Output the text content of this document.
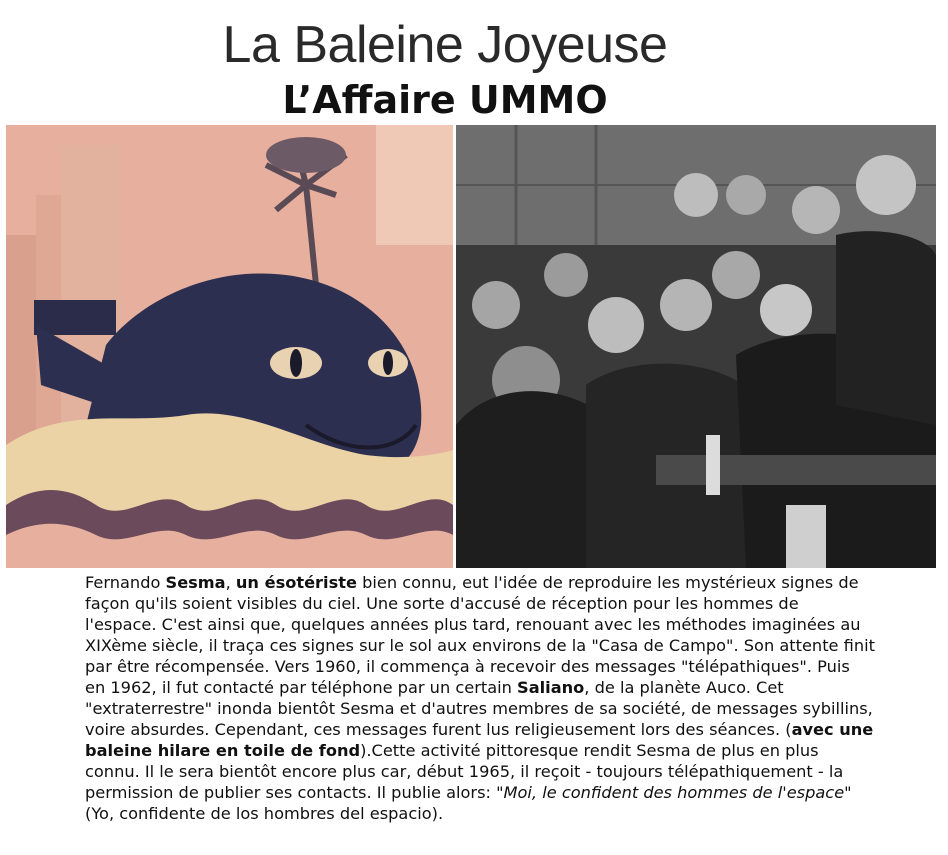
La Baleine Joyeuse
L’Affaire UMMO
Fernando Sesma, un ésotériste bien connu, eut l'idée de reproduire les mystérieux signes de façon qu'ils soient visibles du ciel. Une sorte d'accusé de réception pour les hommes de l'espace. C'est ainsi que, quelques années plus tard, renouant avec les méthodes imaginées au XIXème siècle, il traça ces signes sur le sol aux environs de la "Casa de Campo". Son attente finit par être récompensée. Vers 1960, il commença à recevoir des messages "télépathiques". Puis en 1962, il fut contacté par téléphone par un certain Saliano, de la planète Auco. Cet "extraterrestre" inonda bientôt Sesma et d'autres membres de sa société, de messages sybillins, voire absurdes. Cependant, ces messages furent lus religieusement lors des séances. (avec une baleine hilare en toile de fond).Cette activité pittoresque rendit Sesma de plus en plus connu. Il le sera bientôt encore plus car, début 1965, il reçoit - toujours télépathiquement - la permission de publier ses contacts. Il publie alors: "Moi, le confident des hommes de l'espace" (Yo, confidente de los hombres del espacio).
